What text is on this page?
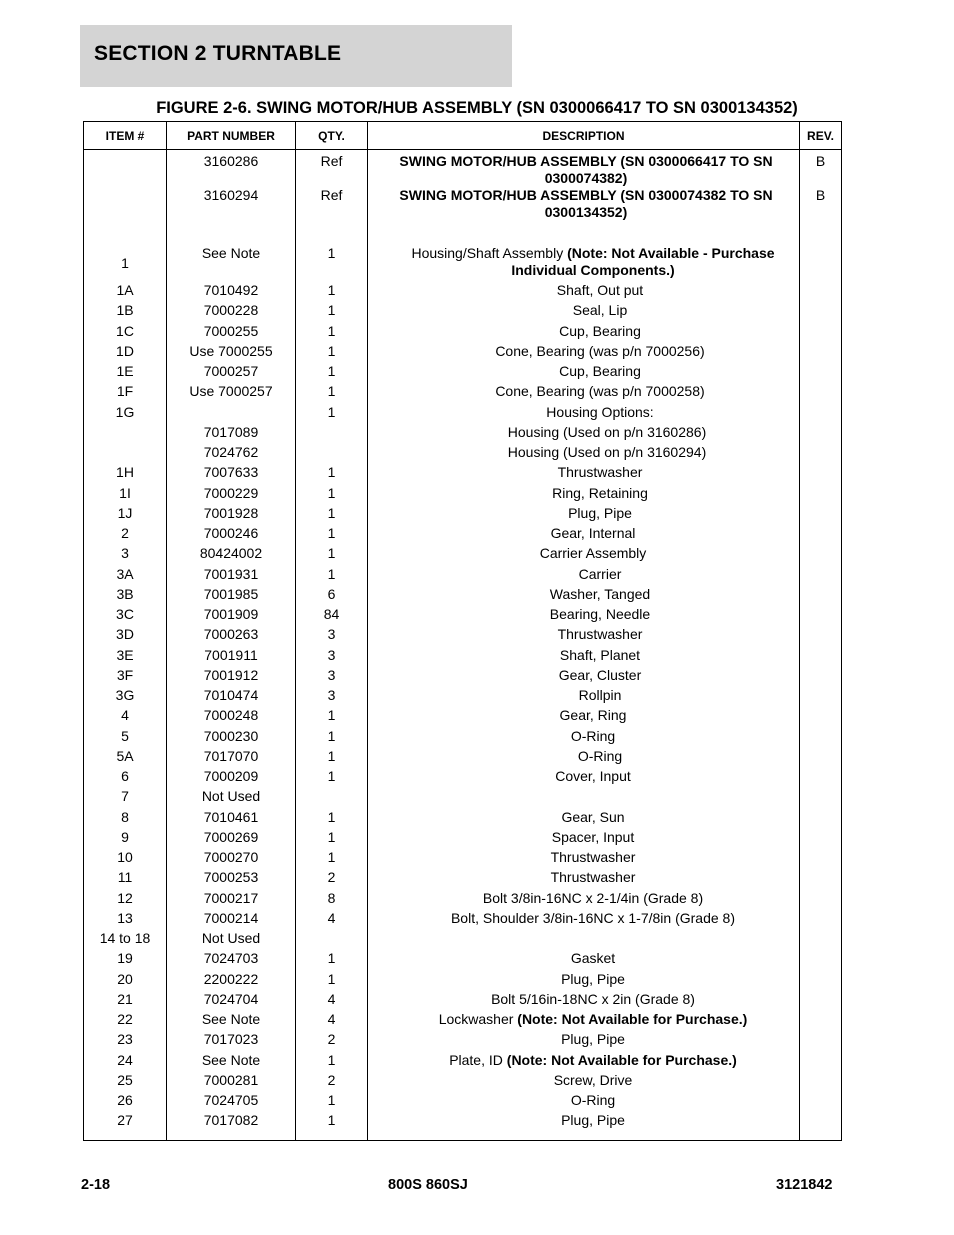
SECTION 2 TURNTABLE
FIGURE 2-6. SWING MOTOR/HUB ASSEMBLY (SN 0300066417 TO SN 0300134352)
ITEM #	PART NUMBER	QTY.	DESCRIPTION	REV.
	3160286	Ref	SWING MOTOR/HUB ASSEMBLY (SN 0300066417 TO SN 0300074382)	B
	3160294	Ref	SWING MOTOR/HUB ASSEMBLY (SN 0300074382 TO SN 0300134352)	B
1	See Note	1	Housing/Shaft Assembly (Note: Not Available - Purchase Individual Components.)	
1A	7010492	1	Shaft, Out put	
1B	7000228	1	Seal, Lip	
1C	7000255	1	Cup, Bearing	
1D	Use 7000255	1	Cone, Bearing (was p/n 7000256)	
1E	7000257	1	Cup, Bearing	
1F	Use 7000257	1	Cone, Bearing (was p/n 7000258)	
1G		1	Housing Options:	
	7017089		Housing (Used on p/n 3160286)	
	7024762		Housing (Used on p/n 3160294)	
1H	7007633	1	Thrustwasher	
1I	7000229	1	Ring, Retaining	
1J	7001928	1	Plug, Pipe	
2	7000246	1	Gear, Internal	
3	80424002	1	Carrier Assembly	
3A	7001931	1	Carrier	
3B	7001985	6	Washer, Tanged	
3C	7001909	84	Bearing, Needle	
3D	7000263	3	Thrustwasher	
3E	7001911	3	Shaft, Planet	
3F	7001912	3	Gear, Cluster	
3G	7010474	3	Rollpin	
4	7000248	1	Gear, Ring	
5	7000230	1	O-Ring	
5A	7017070	1	O-Ring	
6	7000209	1	Cover, Input	
7	Not Used			
8	7010461	1	Gear, Sun	
9	7000269	1	Spacer, Input	
10	7000270	1	Thrustwasher	
11	7000253	2	Thrustwasher	
12	7000217	8	Bolt 3/8in-16NC x 2-1/4in (Grade 8)	
13	7000214	4	Bolt, Shoulder 3/8in-16NC x 1-7/8in (Grade 8)	
14 to 18	Not Used			
19	7024703	1	Gasket	
20	2200222	1	Plug, Pipe	
21	7024704	4	Bolt 5/16in-18NC x 2in (Grade 8)	
22	See Note	4	Lockwasher (Note: Not Available for Purchase.)	
23	7017023	2	Plug, Pipe	
24	See Note	1	Plate, ID (Note: Not Available for Purchase.)	
25	7000281	2	Screw, Drive	
26	7024705	1	O-Ring	
27	7017082	1	Plug, Pipe	
2-18	800S 860SJ	3121842
